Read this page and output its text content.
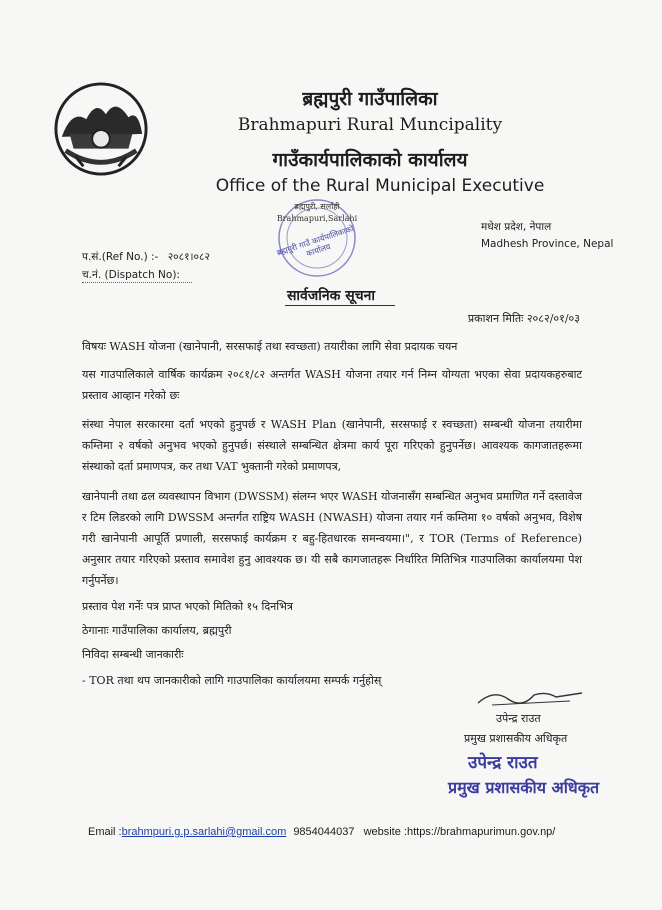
ब्रह्मपुरी गाउँपालिका
Brahmapuri Rural Muncipality
गाउँकार्यपालिकाको कार्यालय
Office of the Rural Municipal Executive
ब्रह्मपुरी, सर्लाही
Brahmapuri,Sarlahi
ब्रह्मपुरी गाउँ कार्यपालिकाको कार्यालय
मधेश प्रदेश, नेपाल
Madhesh Province, Nepal
प.सं.(Ref No.) :- २०८१।०८२
च.नं. (Dispatch No):
सार्वजनिक सूचना
प्रकाशन मितिः २०८२/०१/०३
विषयः WASH योजना (खानेपानी, सरसफाई तथा स्वच्छता) तयारीका लागि सेवा प्रदायक चयन
यस गाउपालिकाले वार्षिक कार्यक्रम २०८१/८२ अन्तर्गत WASH योजना तयार गर्न निम्न योग्यता भएका सेवा प्रदायकहरुबाट प्रस्ताव आव्हान गरेको छः
संस्था नेपाल सरकारमा दर्ता भएको हुनुपर्छ र WASH Plan (खानेपानी, सरसफाई र स्वच्छता) सम्बन्धी योजना तयारीमा कम्तिमा २ वर्षको अनुभव भएको हुनुपर्छ। संस्थाले सम्बन्धित क्षेत्रमा कार्य पूरा गरिएको हुनुपर्नेछ। आवश्यक कागजातहरूमा संस्थाको दर्ता प्रमाणपत्र, कर तथा VAT भुक्तानी गरेको प्रमाणपत्र,
खानेपानी तथा ढल व्यवस्थापन विभाग (DWSSM) संलग्न भएर WASH योजनासँग सम्बन्धित अनुभव प्रमाणित गर्ने दस्तावेज र टिम लिडरको लागि DWSSM अन्तर्गत राष्ट्रिय WASH (NWASH) योजना तयार गर्न कम्तिमा १० वर्षको अनुभव, विशेष गरी खानेपानी आपूर्ति प्रणाली, सरसफाई कार्यक्रम र बहु-हितधारक समन्वयमा।", र TOR (Terms of Reference) अनुसार तयार गरिएको प्रस्ताव समावेश हुनु आवश्यक छ। यी सबै कागजातहरू निर्धारित मितिभित्र गाउपालिका कार्यालयमा पेश गर्नुपर्नेछ।
प्रस्ताव पेश गर्नेः पत्र प्राप्त भएको मितिको १५ दिनभित्र
ठेगानाः गाउँपालिका कार्यालय, ब्रह्मपुरी
निविदा सम्बन्धी जानकारीः
- TOR तथा थप जानकारीको लागि गाउपालिका कार्यालयमा सम्पर्क गर्नुहोस्
उपेन्द्र राउत
प्रमुख प्रशासकीय अधिकृत
उपेन्द्र राउत
प्रमुख प्रशासकीय अधिकृत
Email :brahmpuri.g.p.sarlahi@gmail.com 9854044037 website :https://brahmapurimun.gov.np/
